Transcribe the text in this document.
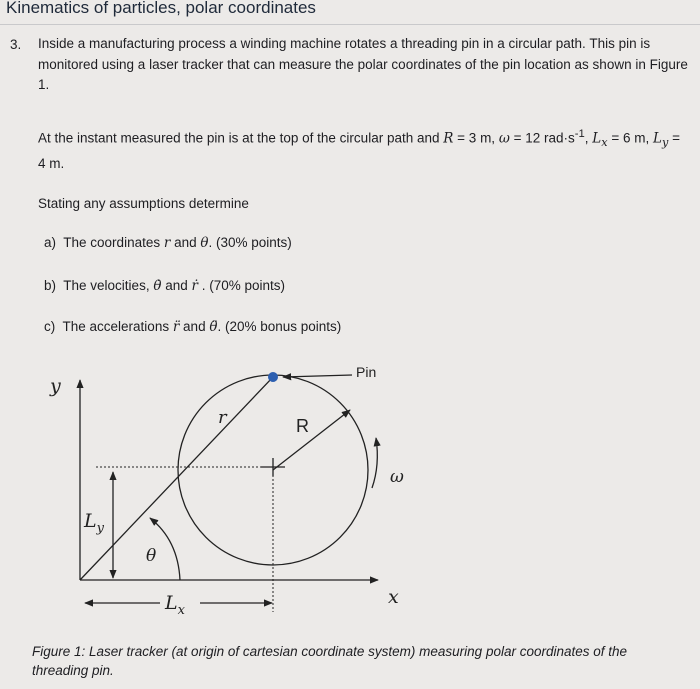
Kinematics of particles, polar coordinates
3. Inside a manufacturing process a winding machine rotates a threading pin in a circular path. This pin is monitored using a laser tracker that can measure the polar coordinates of the pin location as shown in Figure 1.
At the instant measured the pin is at the top of the circular path and R = 3 m, ω = 12 $rad\cdot s^{-1}$, $L_x = 6$ m, $L_y = 4$ m.
Stating any assumptions determine
a) The coordinates r and θ. (30% points)
b) The velocities, θ̇ and ṙ . (70% points)
c) The accelerations r̈ and θ̈. (20% bonus points)
y
x
r
ω
$L_y$
$L_x$
θ
R
Pin
Figure 1: Laser tracker (at origin of cartesian coordinate system) measuring polar coordinates of the threading pin.
